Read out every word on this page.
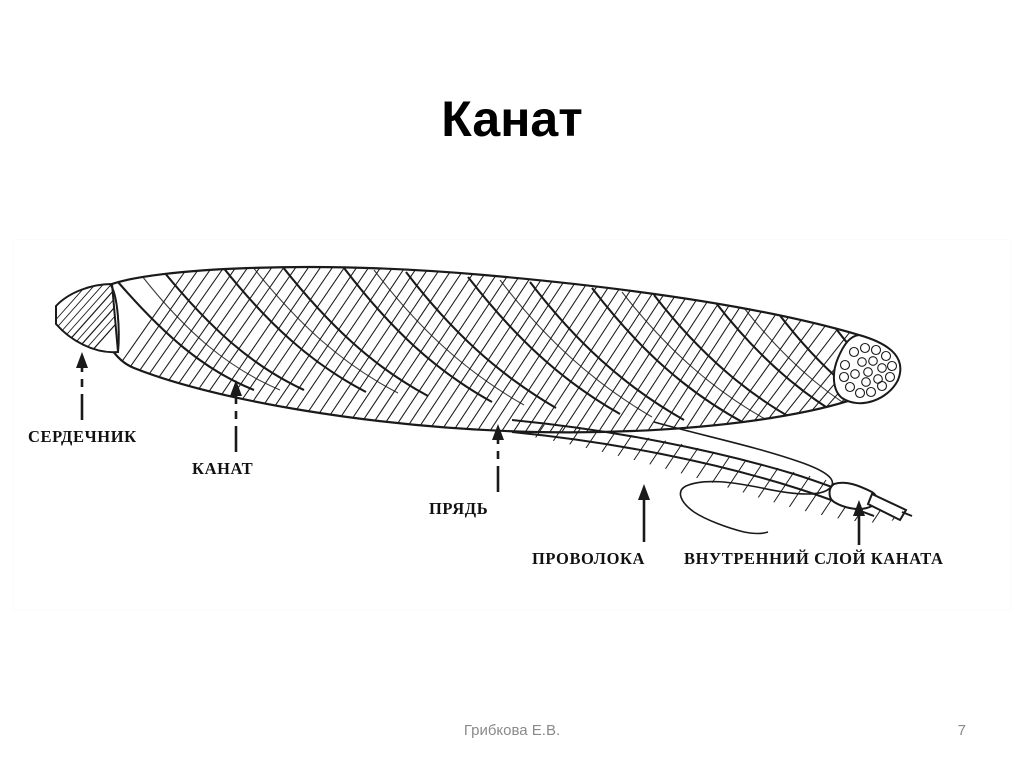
Канат
СЕРДЕЧНИК
КАНАТ
ПРЯДЬ
ПРОВОЛОКА ВНУТРЕННИЙ СЛОЙ КАНАТА
Грибкова Е.В.	7
